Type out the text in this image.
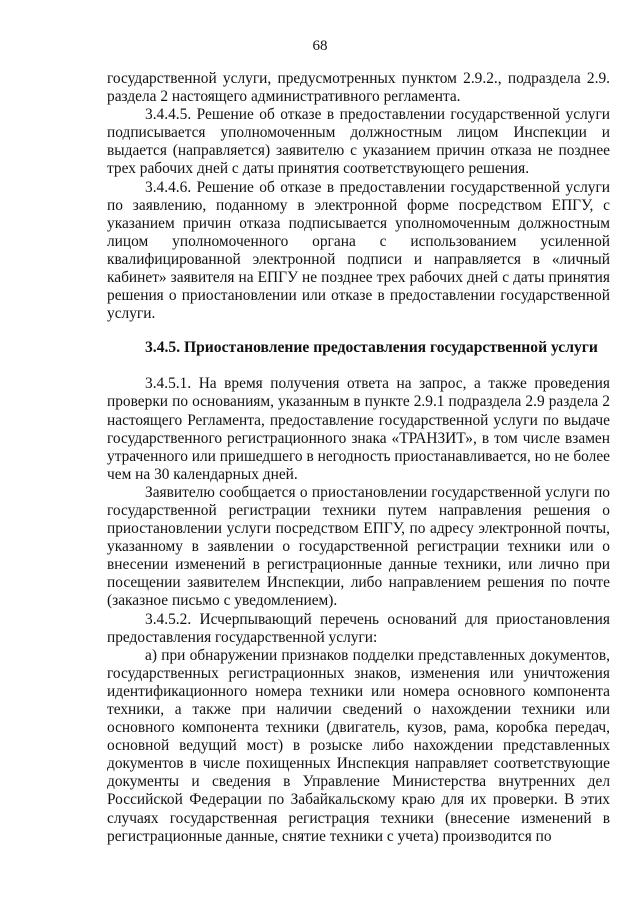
68

государственной услуги, предусмотренных пунктом 2.9.2., подраздела 2.9. раздела 2 настоящего административного регламента.

3.4.4.5. Решение об отказе в предоставлении государственной услуги подписывается уполномоченным должностным лицом Инспекции и выдается (направляется) заявителю с указанием причин отказа не позднее трех рабочих дней с даты принятия соответствующего решения.

3.4.4.6. Решение об отказе в предоставлении государственной услуги по заявлению, поданному в электронной форме посредством ЕПГУ, с указанием причин отказа подписывается уполномоченным должностным лицом уполномоченного органа с использованием усиленной квалифицированной электронной подписи и направляется в «личный кабинет» заявителя на ЕПГУ не позднее трех рабочих дней с даты принятия решения о приостановлении или отказе в предоставлении государственной услуги.

3.4.5. Приостановление предоставления государственной услуги

3.4.5.1. На время получения ответа на запрос, а также проведения проверки по основаниям, указанным в пункте 2.9.1 подраздела 2.9 раздела 2 настоящего Регламента, предоставление государственной услуги по выдаче государственного регистрационного знака «ТРАНЗИТ», в том числе взамен утраченного или пришедшего в негодность приостанавливается, но не более чем на 30 календарных дней.

Заявителю сообщается о приостановлении государственной услуги по государственной регистрации техники путем направления решения о приостановлении услуги посредством ЕПГУ, по адресу электронной почты, указанному в заявлении о государственной регистрации техники или о внесении изменений в регистрационные данные техники, или лично при посещении заявителем Инспекции, либо направлением решения по почте (заказное письмо с уведомлением).

3.4.5.2. Исчерпывающий перечень оснований для приостановления предоставления государственной услуги:

а) при обнаружении признаков подделки представленных документов, государственных регистрационных знаков, изменения или уничтожения идентификационного номера техники или номера основного компонента техники, а также при наличии сведений о нахождении техники или основного компонента техники (двигатель, кузов, рама, коробка передач, основной ведущий мост) в розыске либо нахождении представленных документов в числе похищенных Инспекция направляет соответствующие документы и сведения в Управление Министерства внутренних дел Российской Федерации по Забайкальскому краю для их проверки. В этих случаях государственная регистрация техники (внесение изменений в регистрационные данные, снятие техники с учета) производится по
